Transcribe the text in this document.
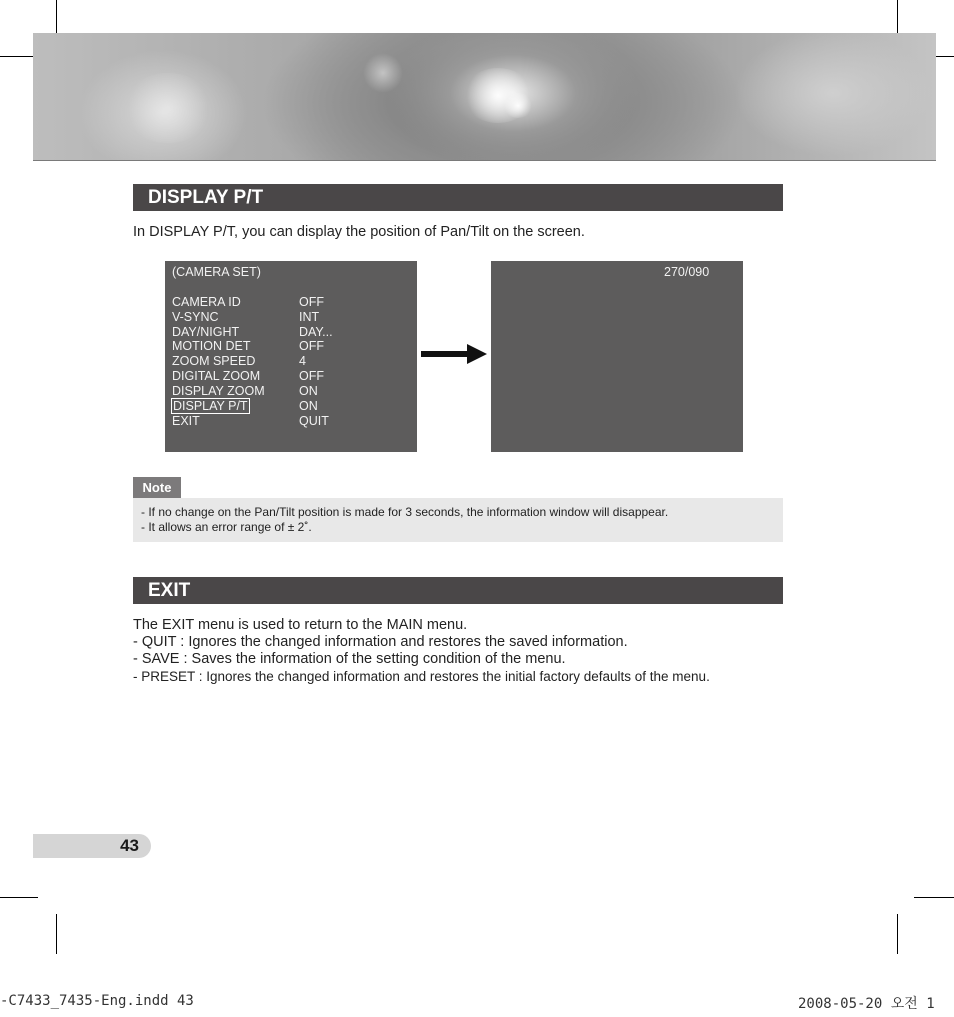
DISPLAY P/T
In DISPLAY P/T, you can display the position of Pan/Tilt on the screen.
(CAMERA SET)
CAMERA ID	OFF
V-SYNC	INT
DAY/NIGHT	DAY...
MOTION DET	OFF
ZOOM SPEED	4
DIGITAL ZOOM	OFF
DISPLAY ZOOM	ON
DISPLAY P/T	ON
EXIT	QUIT
270/090
Note
- If no change on the Pan/Tilt position is made for 3 seconds, the information window will disappear.
- It allows an error range of ± 2˚.
EXIT
The EXIT menu is used to return to the MAIN menu.
- QUIT : Ignores the changed information and restores the saved information.
- SAVE : Saves the information of the setting condition of the menu.
- PRESET : Ignores the changed information and restores the initial factory defaults of the menu.
43
-C7433_7435-Eng.indd 43	2008-05-20 오전 1
